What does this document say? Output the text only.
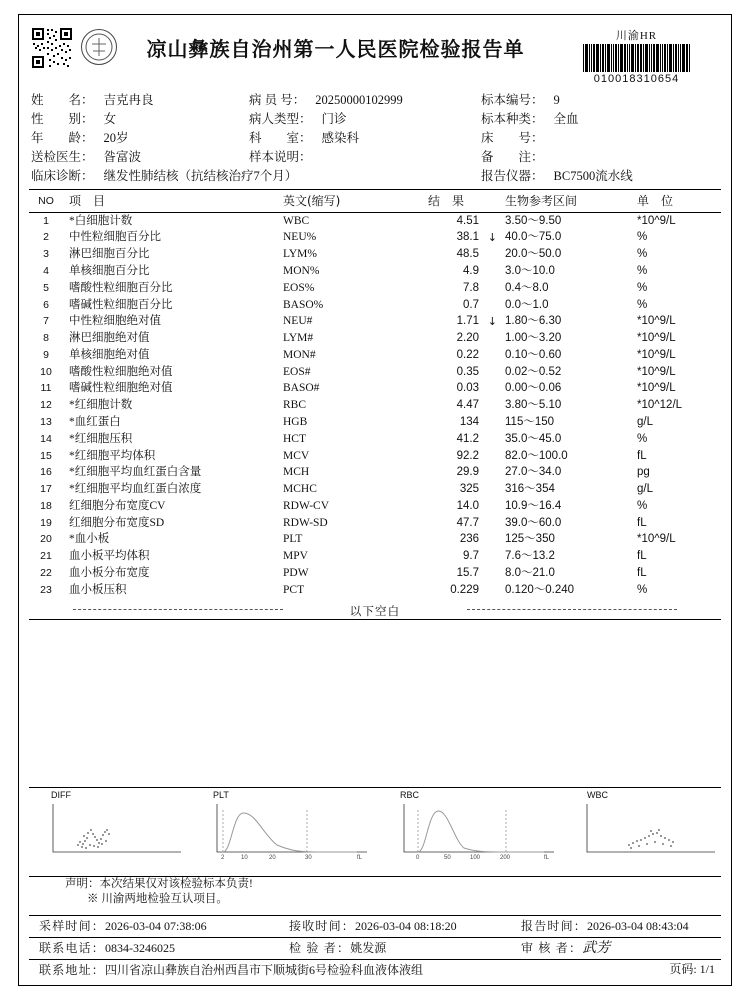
凉山彝族自治州第一人民医院检验报告单
川渝HR
010018310654
姓　　名： 吉克冉良	病 员 号： 20250000102999	标本编号： 9
性　　别： 女	病人类型： 门诊	标本种类： 全血
年　　龄： 20岁	科　　室： 感染科	床　　号：
送检医生： 昝富波	样本说明：	备　　注：
临床诊断： 继发性肺结核（抗结核治疗7个月）	报告仪器： BC7500流水线
NO	项　目	英文(缩写)	结　果	生物参考区间	单　位
1	*白细胞计数	WBC	4.51	3.50～9.50	*10^9/L
2	中性粒细胞百分比	NEU%	38.1 ↓	40.0～75.0	%
3	淋巴细胞百分比	LYM%	48.5	20.0～50.0	%
4	单核细胞百分比	MON%	4.9	3.0～10.0	%
5	嗜酸性粒细胞百分比	EOS%	7.8	0.4～8.0	%
6	嗜碱性粒细胞百分比	BASO%	0.7	0.0～1.0	%
7	中性粒细胞绝对值	NEU#	1.71 ↓	1.80～6.30	*10^9/L
8	淋巴细胞绝对值	LYM#	2.20	1.00～3.20	*10^9/L
9	单核细胞绝对值	MON#	0.22	0.10～0.60	*10^9/L
10	嗜酸性粒细胞绝对值	EOS#	0.35	0.02～0.52	*10^9/L
11	嗜碱性粒细胞绝对值	BASO#	0.03	0.00～0.06	*10^9/L
12	*红细胞计数	RBC	4.47	3.80～5.10	*10^12/L
13	*血红蛋白	HGB	134	115～150	g/L
14	*红细胞压积	HCT	41.2	35.0～45.0	%
15	*红细胞平均体积	MCV	92.2	82.0～100.0	fL
16	*红细胞平均血红蛋白含量	MCH	29.9	27.0～34.0	pg
17	*红细胞平均血红蛋白浓度	MCHC	325	316～354	g/L
18	红细胞分布宽度CV	RDW-CV	14.0	10.9～16.4	%
19	红细胞分布宽度SD	RDW-SD	47.7	39.0～60.0	fL
20	*血小板	PLT	236	125～350	*10^9/L
21	血小板平均体积	MPV	9.7	7.6～13.2	fL
22	血小板分布宽度	PDW	15.7	8.0～21.0	fL
23	血小板压积	PCT	0.229	0.120～0.240	%
以下空白
DIFF	PLT
2	10	20	30	fL
RBC
0	50	100	200	fL
WBC
声明：本次结果仅对该检验标本负责!
※ 川渝两地检验互认项目。
采样时间：2026-03-04 07:38:06	接收时间：2026-03-04 08:18:20	报告时间：2026-03-04 08:43:04
联系电话：0834-3246025	检 验 者：姚发源	审 核 者：武芳
联系地址：四川省凉山彝族自治州西昌市下顺城街6号检验科血液体液组	页码: 1/1
